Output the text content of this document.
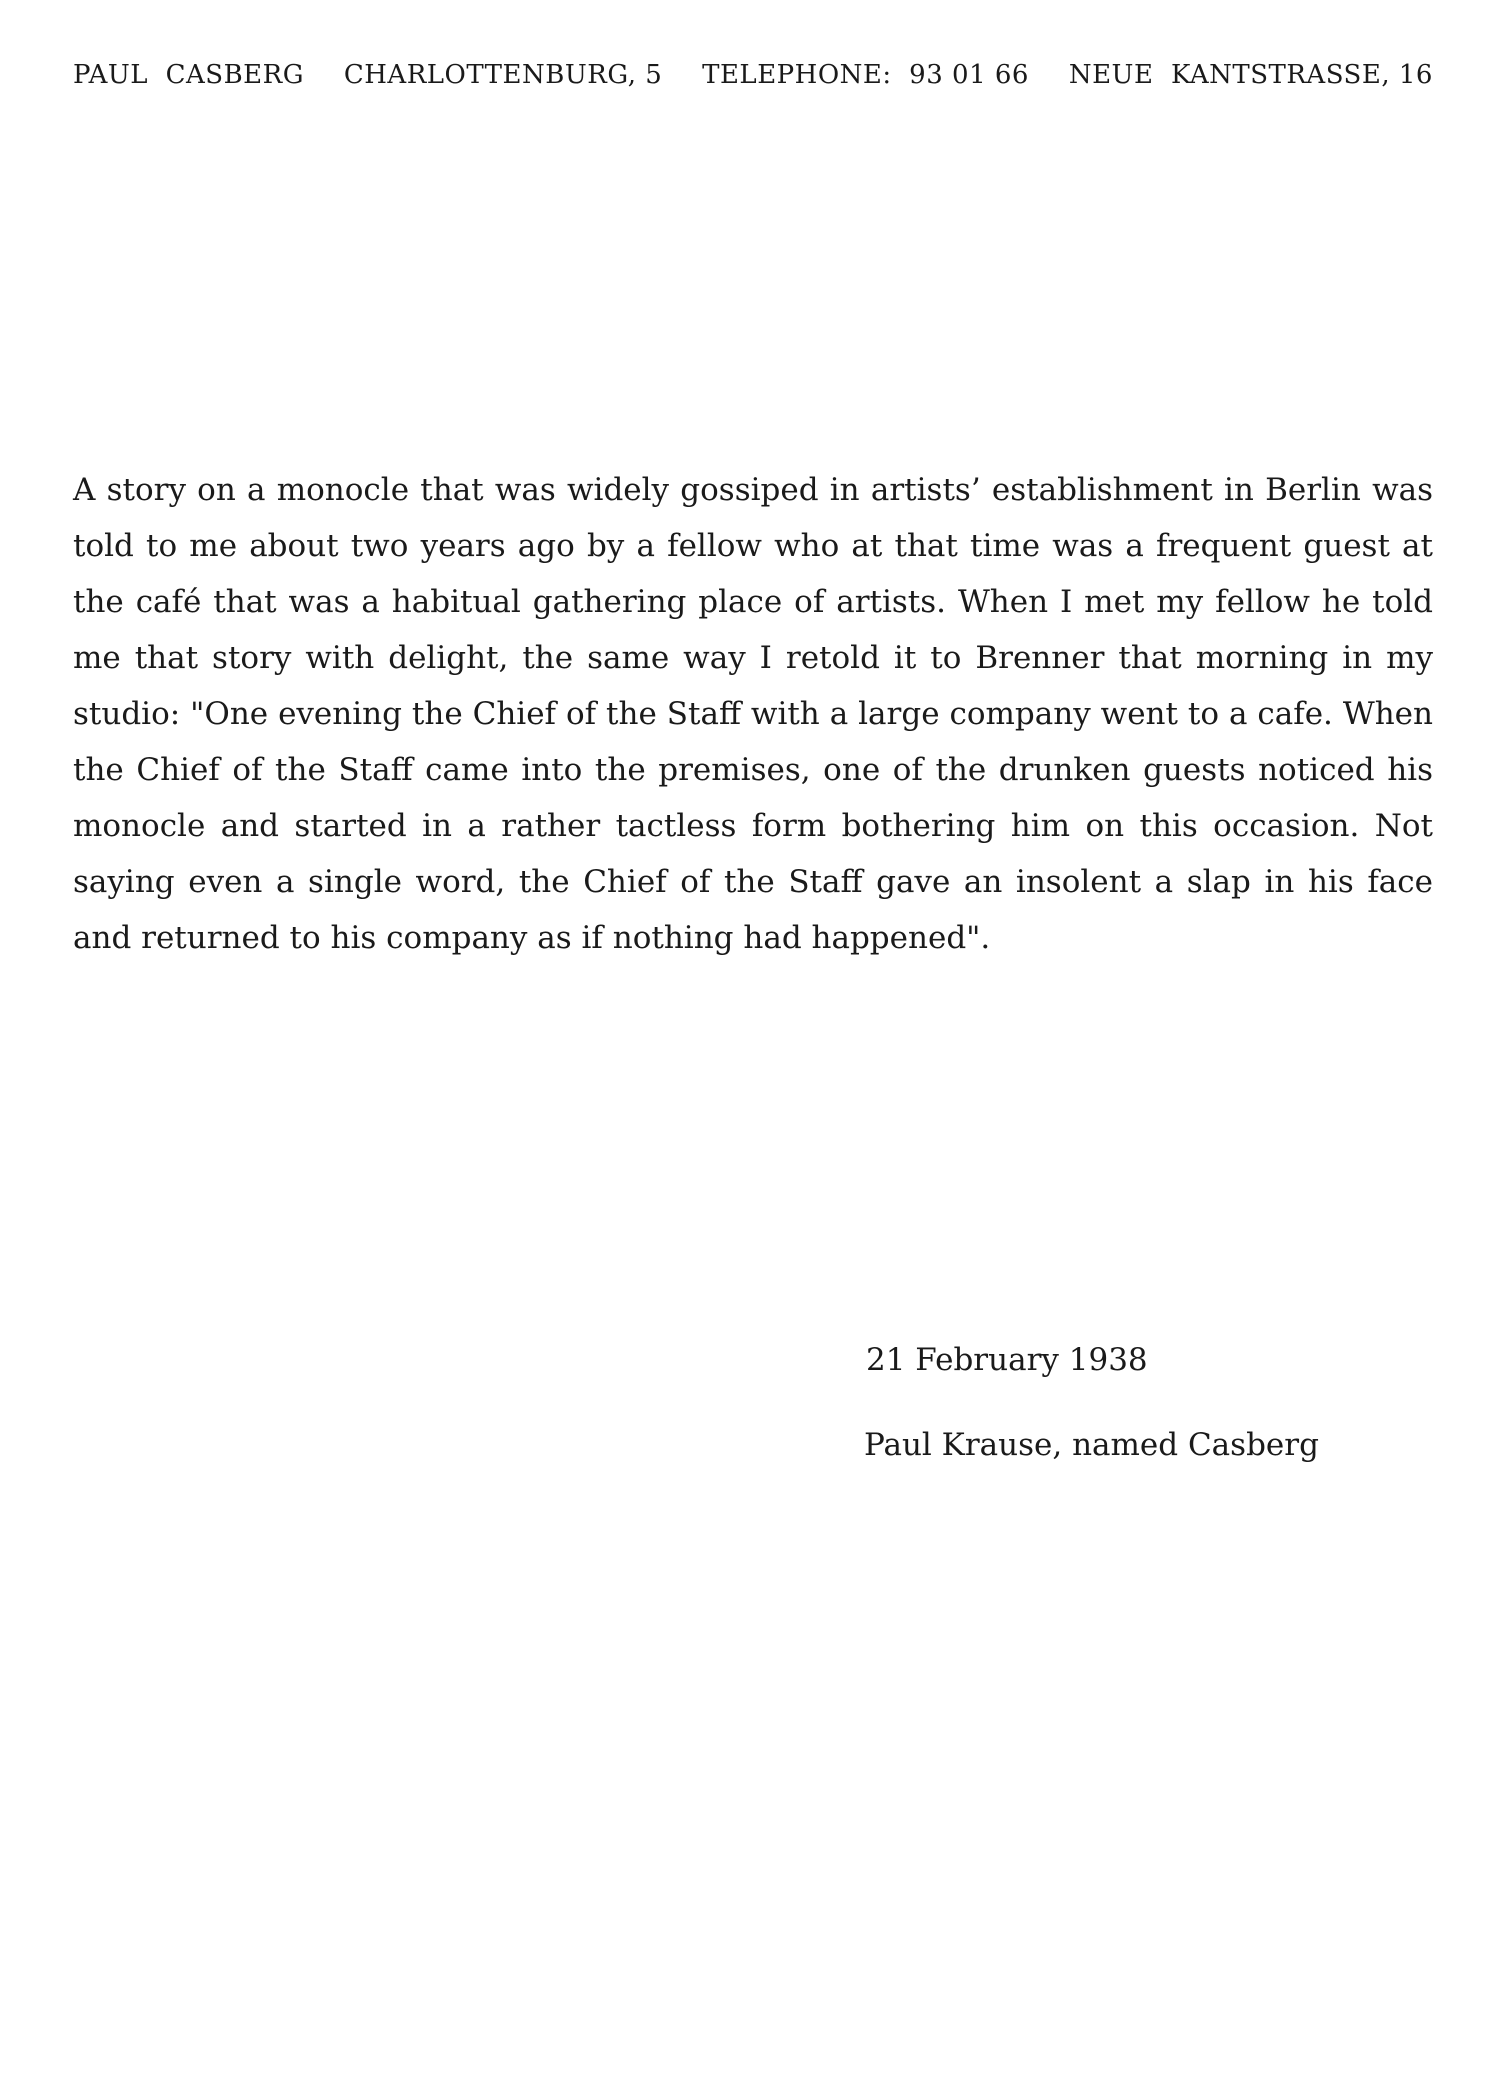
PAUL  CASBERG CHARLOTTENBURG, 5 TELEPHONE:  93 01 66 NEUE  KANTSTRASSE, 16

A story on a monocle that was widely gossiped in artists’ establishment in Berlin was told to me about two years ago by a fellow who at that time was a frequent guest at the café that was a habitual gathering place of artists. When I met my fellow he told me that story with delight, the same way I retold it to Brenner that morning in my studio: "One evening the Chief of the Staff with a large company went to a cafe. When the Chief of the Staff came into the premises, one of the drunken guests noticed his monocle and started in a rather tactless form bothering him on this occasion. Not saying even a single word, the Chief of the Staff gave an insolent a slap in his face and returned to his company as if nothing had happened".

21 February 1938

Paul Krause, named Casberg
